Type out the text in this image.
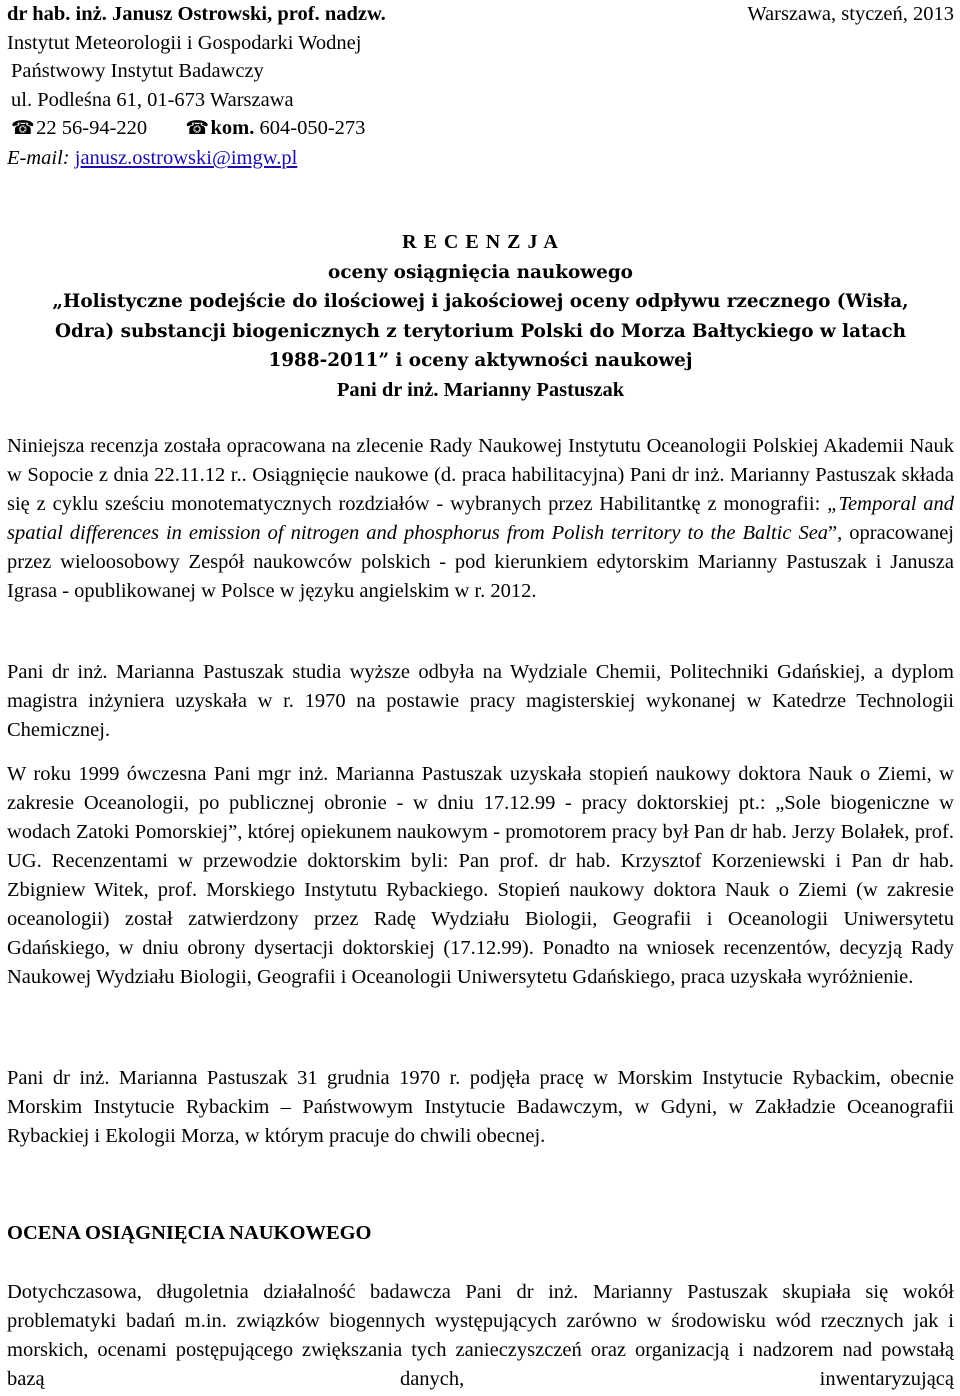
dr hab. inż. Janusz Ostrowski, prof. nadzw.
Instytut Meteorologii i Gospodarki Wodnej
Państwowy Instytut Badawczy
ul. Podleśna 61, 01-673 Warszawa
☎ 22 56-94-220 ☎ kom. 604-050-273
E-mail: janusz.ostrowski@imgw.pl
Warszawa, styczeń, 2013
R E C E N Z J A
oceny osiągnięcia naukowego
„Holistyczne podejście do ilościowej i jakościowej oceny odpływu rzecznego (Wisła,
Odra) substancji biogenicznych z terytorium Polski do Morza Bałtyckiego w latach
1988-2011” i oceny aktywności naukowej
Pani dr inż. Marianny Pastuszak

Niniejsza recenzja została opracowana na zlecenie Rady Naukowej Instytutu Oceanologii Polskiej Akademii Nauk w Sopocie z dnia 22.11.12 r.. Osiągnięcie naukowe (d. praca habilitacyjna) Pani dr inż. Marianny Pastuszak składa się z cyklu sześciu monotematycznych rozdziałów - wybranych przez Habilitantkę z monografii: „Temporal and spatial differences in emission of nitrogen and phosphorus from Polish territory to the Baltic Sea”, opracowanej przez wieloosobowy Zespół naukowców polskich - pod kierunkiem edytorskim Marianny Pastuszak i Janusza Igrasa - opublikowanej w Polsce w języku angielskim w r. 2012.

Pani dr inż. Marianna Pastuszak studia wyższe odbyła na Wydziale Chemii, Politechniki Gdańskiej, a dyplom magistra inżyniera uzyskała w r. 1970 na postawie pracy magisterskiej wykonanej w Katedrze Technologii Chemicznej.

W roku 1999 ówczesna Pani mgr inż. Marianna Pastuszak uzyskała stopień naukowy doktora Nauk o Ziemi, w zakresie Oceanologii, po publicznej obronie - w dniu 17.12.99 - pracy doktorskiej pt.: „Sole biogeniczne w wodach Zatoki Pomorskiej”, której opiekunem naukowym - promotorem pracy był Pan dr hab. Jerzy Bolałek, prof. UG. Recenzentami w przewodzie doktorskim byli: Pan prof. dr hab. Krzysztof Korzeniewski i Pan dr hab. Zbigniew Witek, prof. Morskiego Instytutu Rybackiego. Stopień naukowy doktora Nauk o Ziemi (w zakresie oceanologii) został zatwierdzony przez Radę Wydziału Biologii, Geografii i Oceanologii Uniwersytetu Gdańskiego, w dniu obrony dysertacji doktorskiej (17.12.99). Ponadto na wniosek recenzentów, decyzją Rady Naukowej Wydziału Biologii, Geografii i Oceanologii Uniwersytetu Gdańskiego, praca uzyskała wyróżnienie.

Pani dr inż. Marianna Pastuszak 31 grudnia 1970 r. podjęła pracę w Morskim Instytucie Rybackim, obecnie Morskim Instytucie Rybackim – Państwowym Instytucie Badawczym, w Gdyni, w Zakładzie Oceanografii Rybackiej i Ekologii Morza, w którym pracuje do chwili obecnej.

OCENA OSIĄGNIĘCIA NAUKOWEGO

Dotychczasowa, długoletnia działalność badawcza Pani dr inż. Marianny Pastuszak skupiała się wokół problematyki badań m.in. związków biogennych występujących zarówno w środowisku wód rzecznych jak i morskich, ocenami postępującego zwiększania tych zanieczyszczeń oraz organizacją i nadzorem nad powstałą bazą danych, inwentaryzującą
